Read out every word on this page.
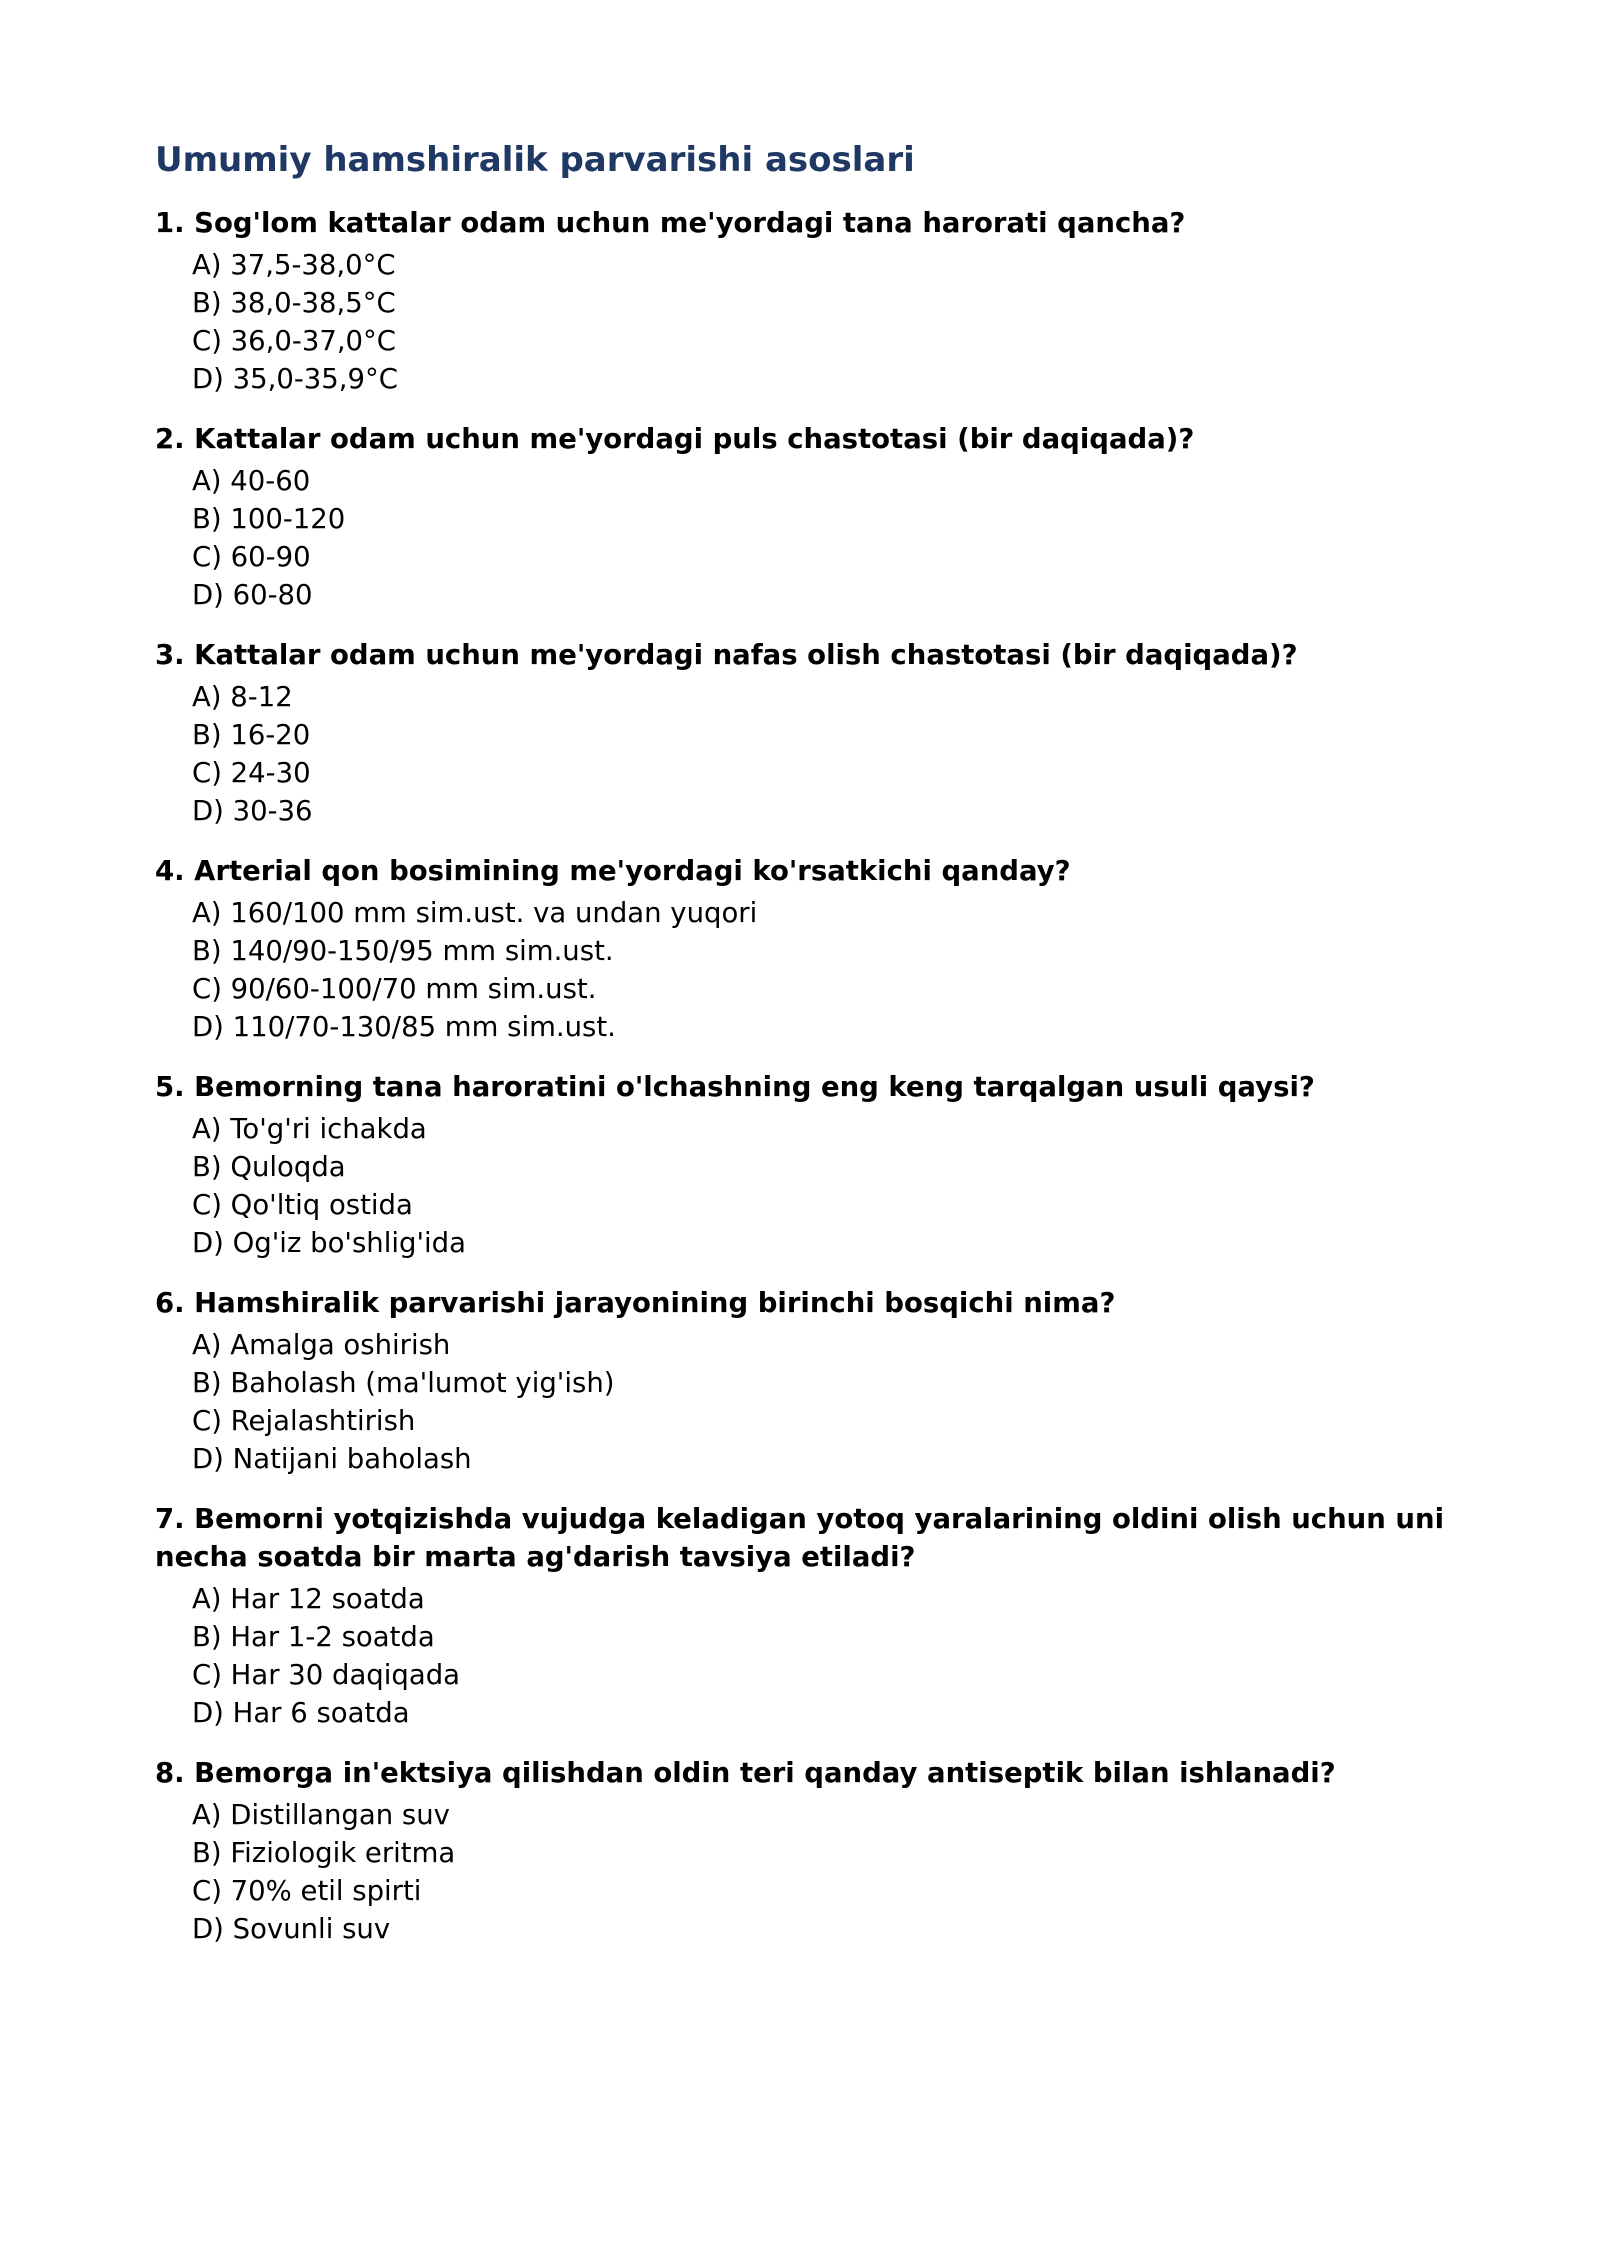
Umumiy hamshiralik parvarishi asoslari
1. Sog'lom kattalar odam uchun me'yordagi tana harorati qancha?
A) 37,5-38,0°C
B) 38,0-38,5°C
C) 36,0-37,0°C
D) 35,0-35,9°C
2. Kattalar odam uchun me'yordagi puls chastotasi (bir daqiqada)?
A) 40-60
B) 100-120
C) 60-90
D) 60-80
3. Kattalar odam uchun me'yordagi nafas olish chastotasi (bir daqiqada)?
A) 8-12
B) 16-20
C) 24-30
D) 30-36
4. Arterial qon bosimining me'yordagi ko'rsatkichi qanday?
A) 160/100 mm sim.ust. va undan yuqori
B) 140/90-150/95 mm sim.ust.
C) 90/60-100/70 mm sim.ust.
D) 110/70-130/85 mm sim.ust.
5. Bemorning tana haroratini o'lchashning eng keng tarqalgan usuli qaysi?
A) To'g'ri ichakda
B) Quloqda
C) Qo'ltiq ostida
D) Og'iz bo'shlig'ida
6. Hamshiralik parvarishi jarayonining birinchi bosqichi nima?
A) Amalga oshirish
B) Baholash (ma'lumot yig'ish)
C) Rejalashtirish
D) Natijani baholash
7. Bemorni yotqizishda vujudga keladigan yotoq yaralarining oldini olish uchun uni necha soatda bir marta ag'darish tavsiya etiladi?
A) Har 12 soatda
B) Har 1-2 soatda
C) Har 30 daqiqada
D) Har 6 soatda
8. Bemorga in'ektsiya qilishdan oldin teri qanday antiseptik bilan ishlanadi?
A) Distillangan suv
B) Fiziologik eritma
C) 70% etil spirti
D) Sovunli suv
